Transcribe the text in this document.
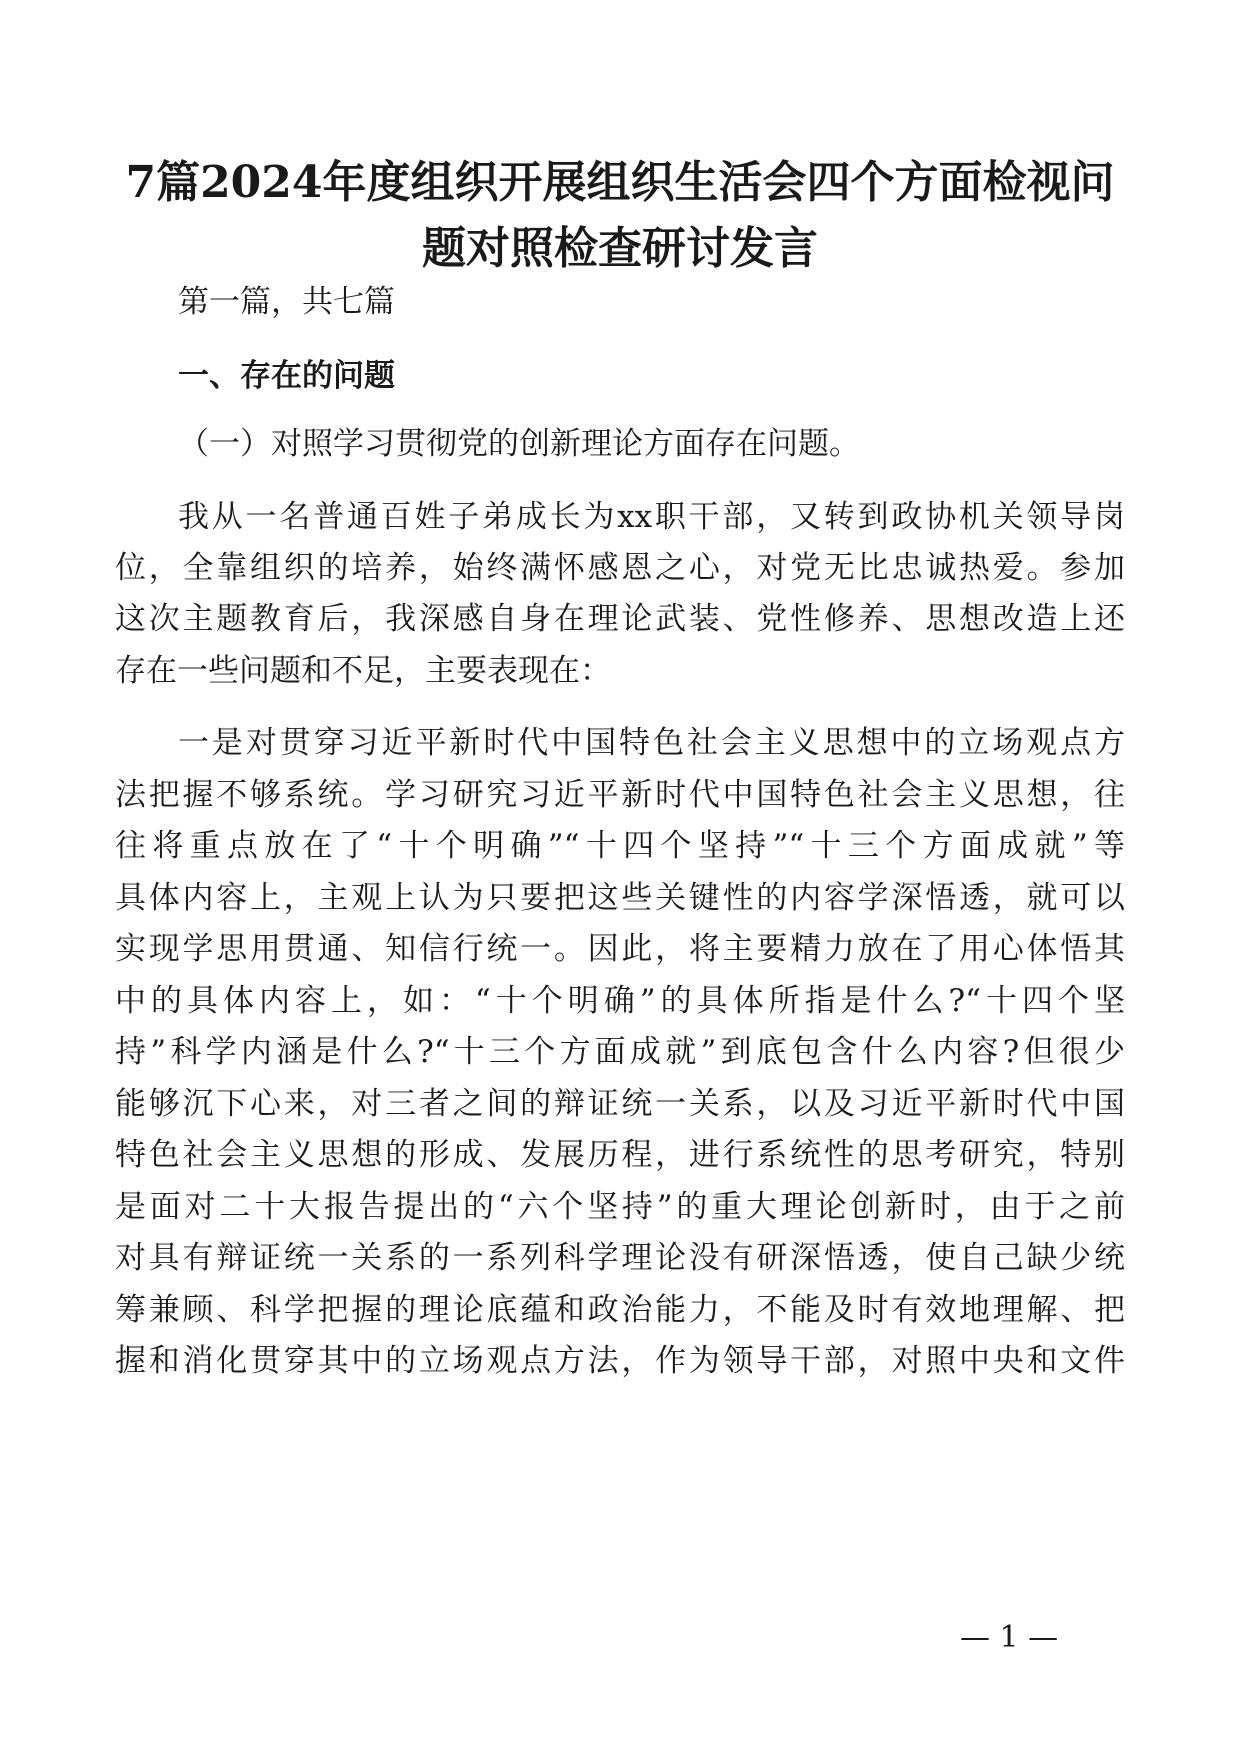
7篇2024年度组织开展组织生活会四个方面检视问
题对照检查研讨发言

第一篇，共七篇

一、存在的问题

（一）对照学习贯彻党的创新理论方面存在问题。

我从一名普通百姓子弟成长为xx职干部，又转到政协机关领导岗

位，全靠组织的培养，始终满怀感恩之心，对党无比忠诚热爱。参加

这次主题教育后，我深感自身在理论武装、党性修养、思想改造上还

存在一些问题和不足，主要表现在：

一是对贯穿习近平新时代中国特色社会主义思想中的立场观点方

法把握不够系统。学习研究习近平新时代中国特色社会主义思想，往

往将重点放在了“十个明确”“十四个坚持”“十三个方面成就”等

具体内容上，主观上认为只要把这些关键性的内容学深悟透，就可以

实现学思用贯通、知信行统一。因此，将主要精力放在了用心体悟其

中的具体内容上，如：“十个明确”的具体所指是什么?“十四个坚

持”科学内涵是什么?“十三个方面成就”到底包含什么内容?但很少

能够沉下心来，对三者之间的辩证统一关系，以及习近平新时代中国

特色社会主义思想的形成、发展历程，进行系统性的思考研究，特别

是面对二十大报告提出的“六个坚持”的重大理论创新时，由于之前

对具有辩证统一关系的一系列科学理论没有研深悟透，使自己缺少统

筹兼顾、科学把握的理论底蕴和政治能力，不能及时有效地理解、把

握和消化贯穿其中的立场观点方法，作为领导干部，对照中央和文件

— 1 —
